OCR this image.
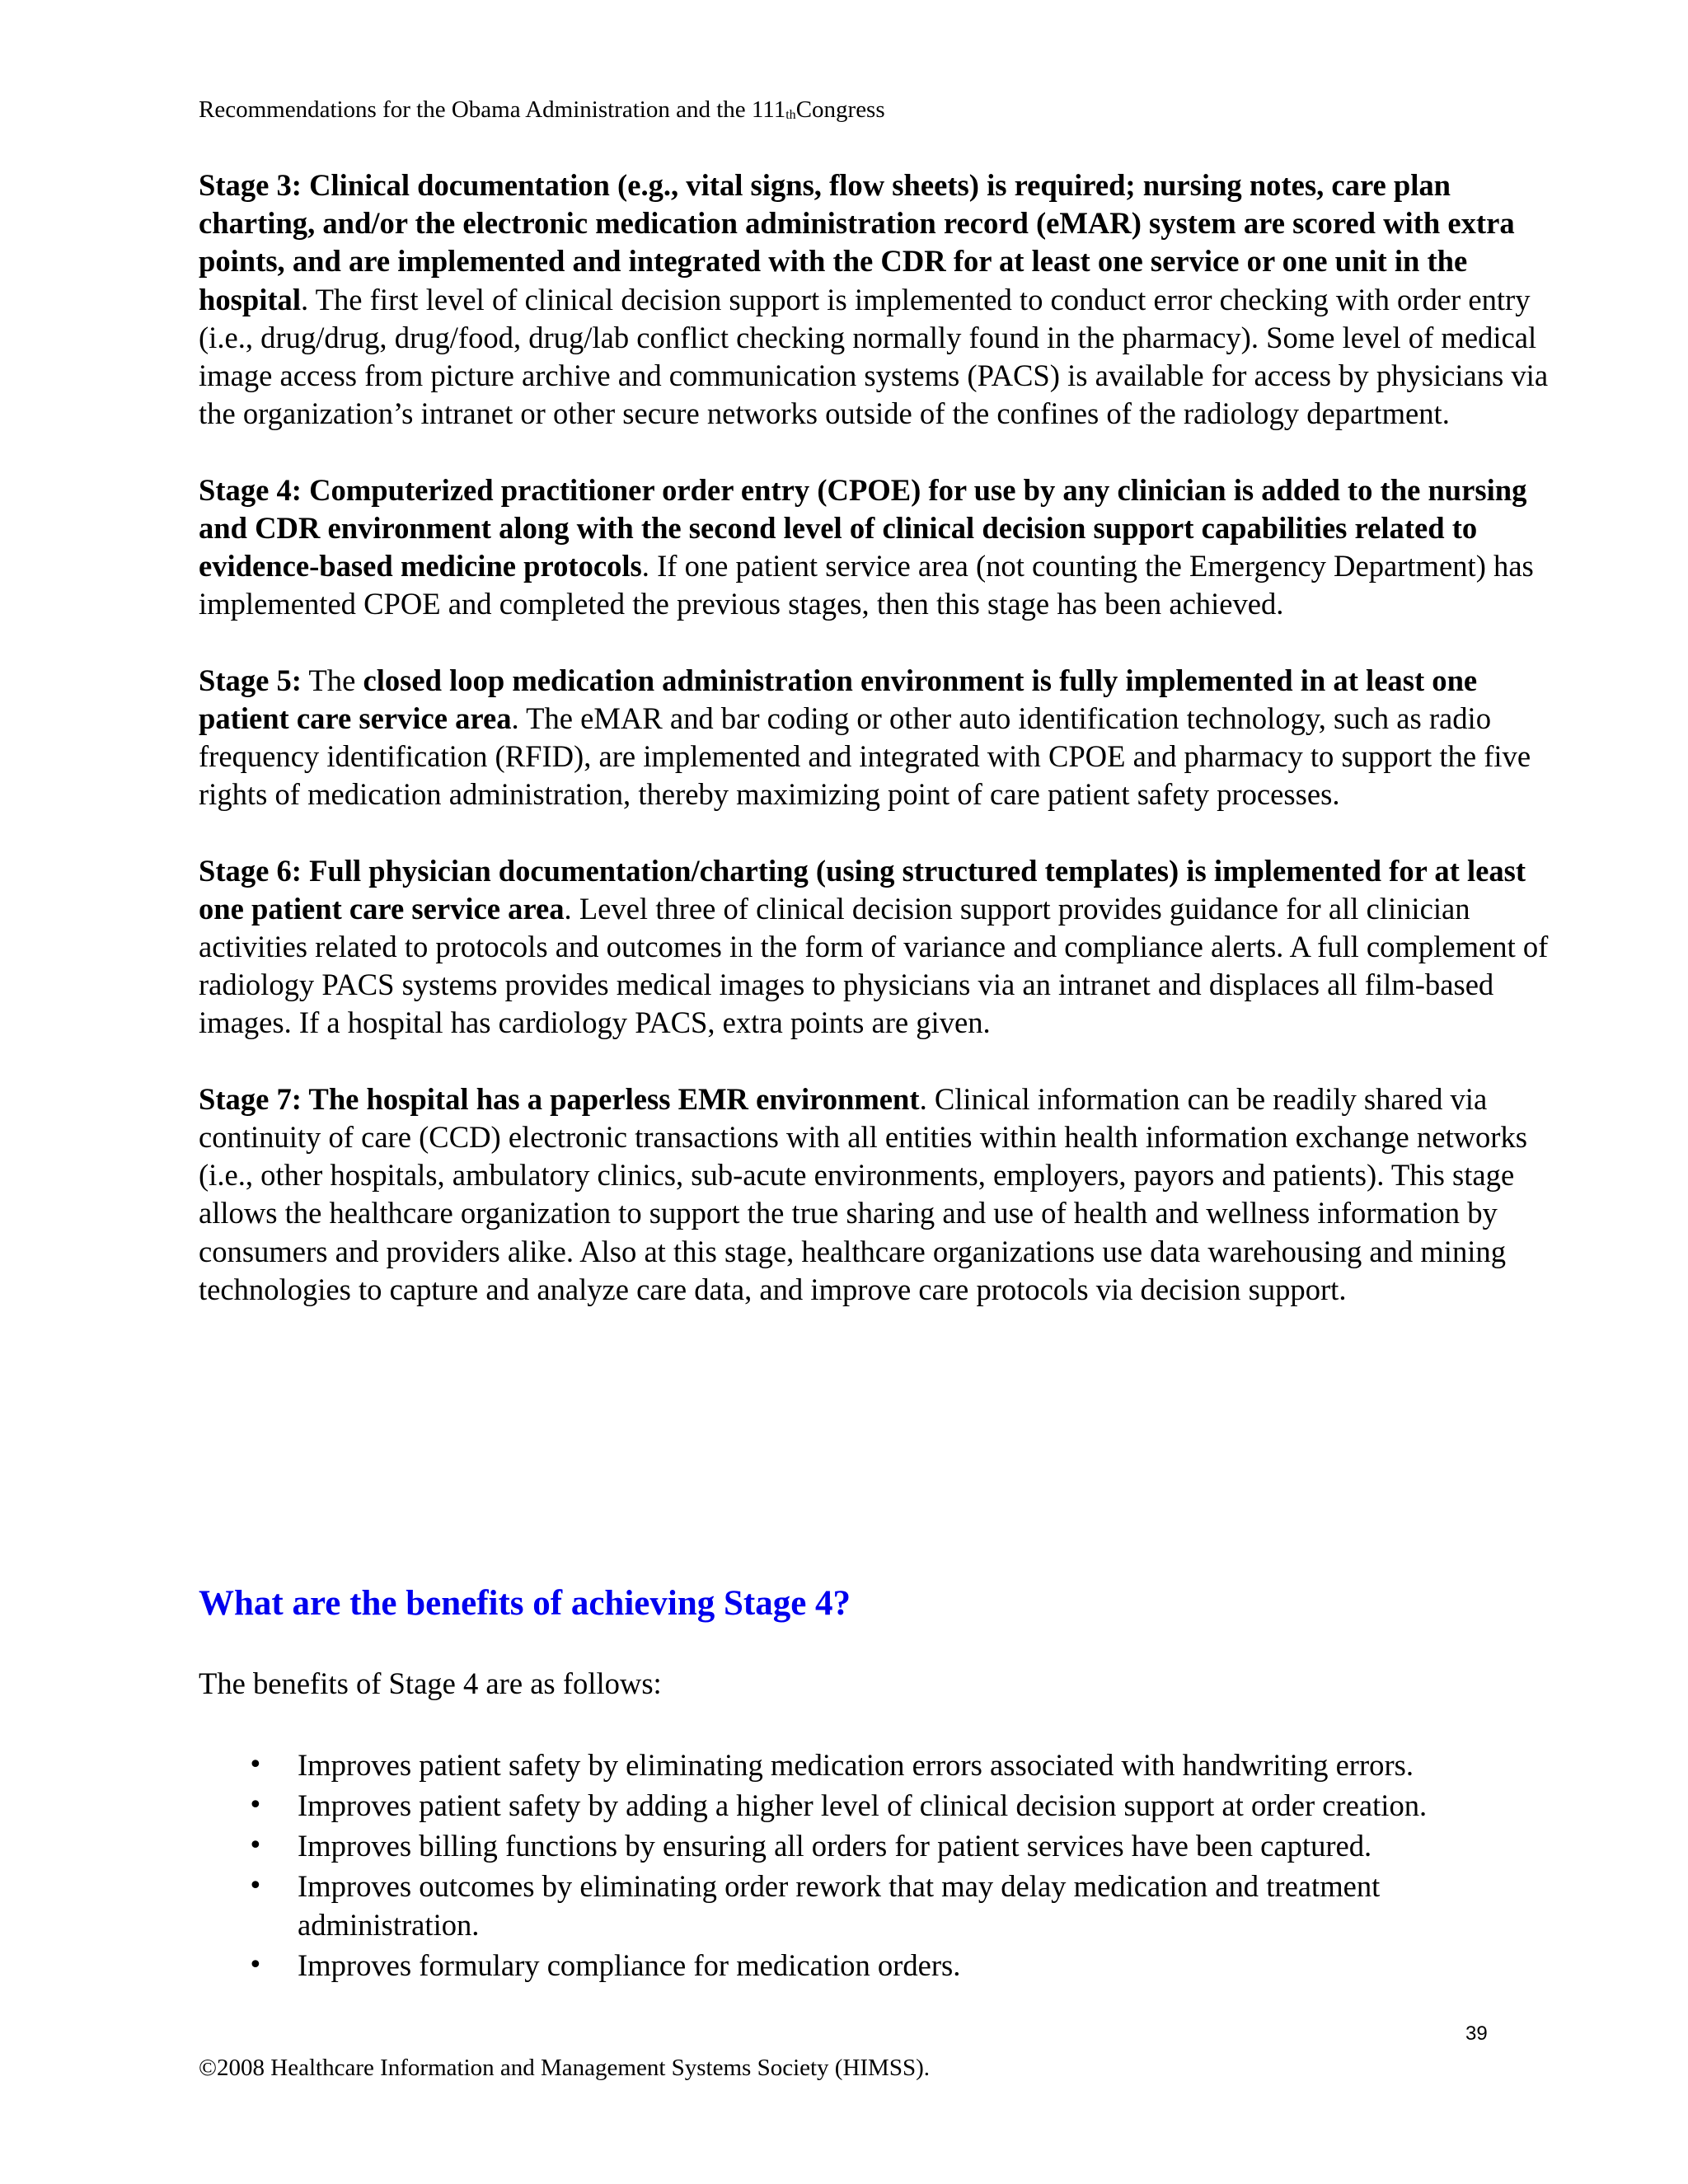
Recommendations for the Obama Administration and the $111_{th}Congress$

Stage 3: Clinical documentation (e.g., vital signs, flow sheets) is required; nursing notes, care plan charting, and/or the electronic medication administration record (eMAR) system are scored with extra points, and are implemented and integrated with the CDR for at least one service or one unit in the hospital. The first level of clinical decision support is implemented to conduct error checking with order entry (i.e., drug/drug, drug/food, drug/lab conflict checking normally found in the pharmacy). Some level of medical image access from picture archive and communication systems (PACS) is available for access by physicians via the organization’s intranet or other secure networks outside of the confines of the radiology department.

Stage 4: Computerized practitioner order entry (CPOE) for use by any clinician is added to the nursing and CDR environment along with the second level of clinical decision support capabilities related to evidence-based medicine protocols. If one patient service area (not counting the Emergency Department) has implemented CPOE and completed the previous stages, then this stage has been achieved.

Stage 5: The closed loop medication administration environment is fully implemented in at least one patient care service area. The eMAR and bar coding or other auto identification technology, such as radio frequency identification (RFID), are implemented and integrated with CPOE and pharmacy to support the five rights of medication administration, thereby maximizing point of care patient safety processes.

Stage 6: Full physician documentation/charting (using structured templates) is implemented for at least one patient care service area. Level three of clinical decision support provides guidance for all clinician activities related to protocols and outcomes in the form of variance and compliance alerts. A full complement of radiology PACS systems provides medical images to physicians via an intranet and displaces all film-based images. If a hospital has cardiology PACS, extra points are given.

Stage 7: The hospital has a paperless EMR environment. Clinical information can be readily shared via continuity of care (CCD) electronic transactions with all entities within health information exchange networks (i.e., other hospitals, ambulatory clinics, sub-acute environments, employers, payors and patients). This stage allows the healthcare organization to support the true sharing and use of health and wellness information by consumers and providers alike. Also at this stage, healthcare organizations use data warehousing and mining technologies to capture and analyze care data, and improve care protocols via decision support.

What are the benefits of achieving Stage 4?

The benefits of Stage 4 are as follows:

• Improves patient safety by eliminating medication errors associated with handwriting errors.
• Improves patient safety by adding a higher level of clinical decision support at order creation.
• Improves billing functions by ensuring all orders for patient services have been captured.
• Improves outcomes by eliminating order rework that may delay medication and treatment administration.
• Improves formulary compliance for medication orders.
39
©2008 Healthcare Information and Management Systems Society (HIMSS).
